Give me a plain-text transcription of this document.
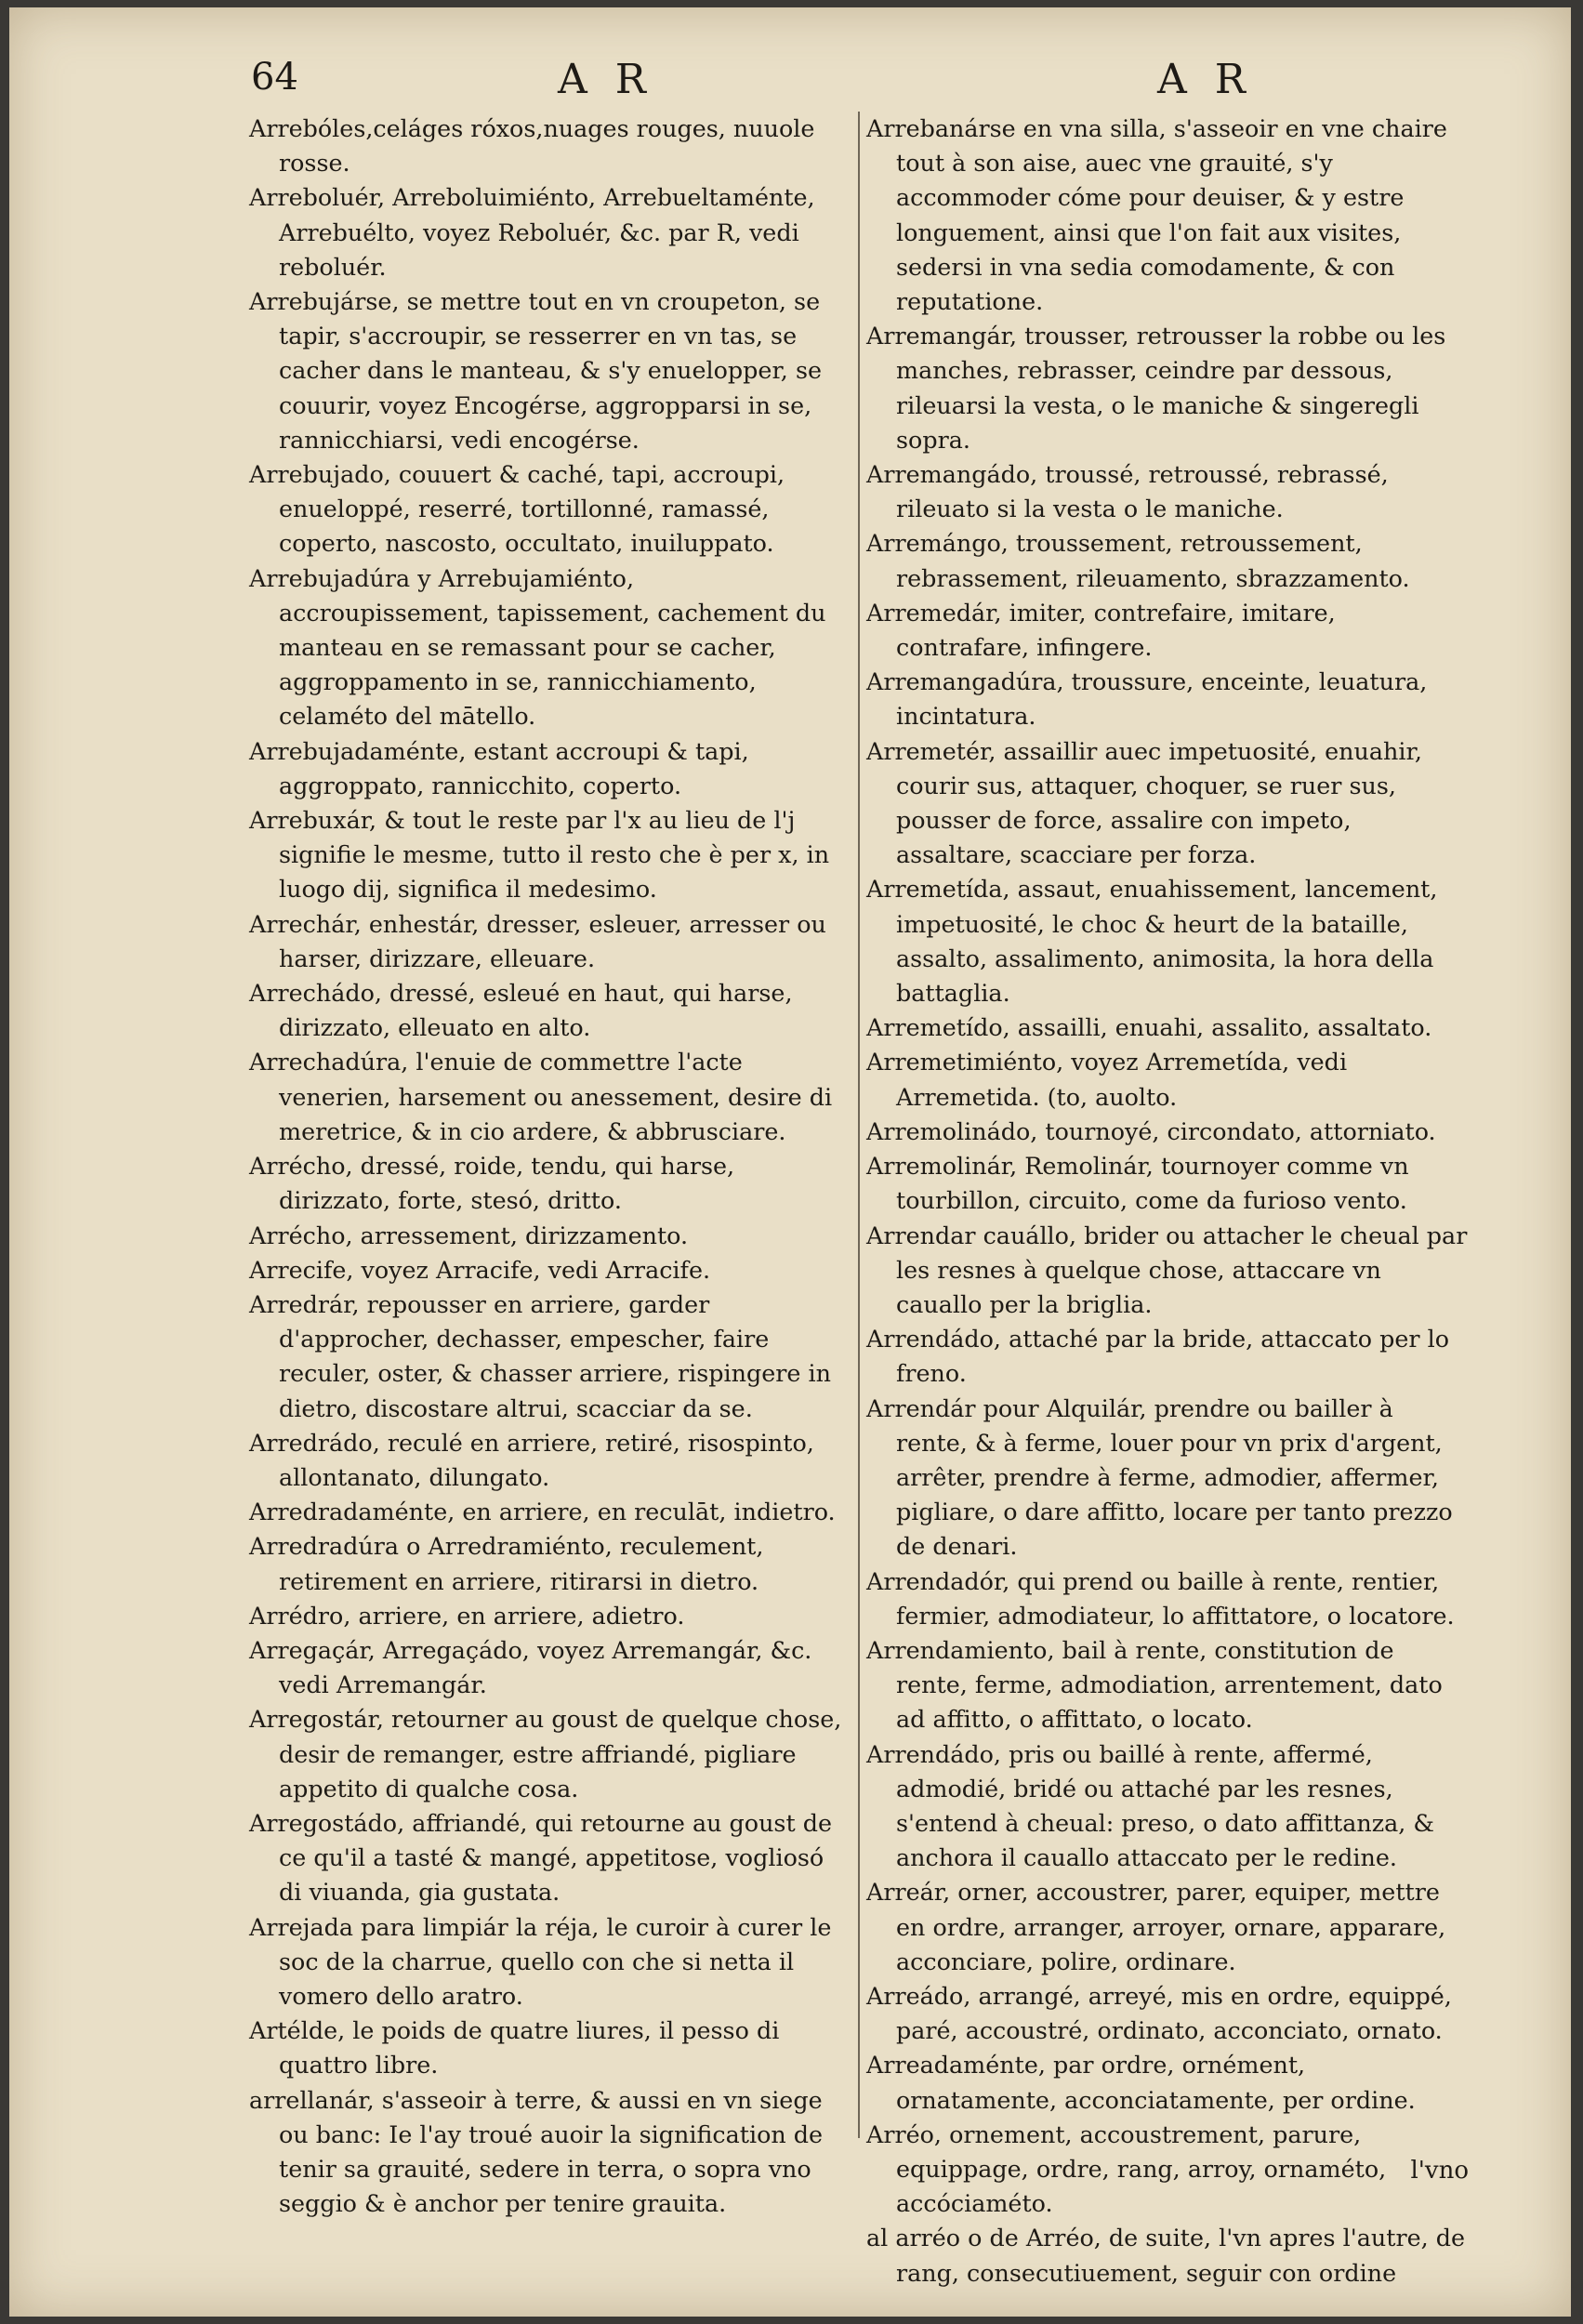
64	A R	A R
Arrebóles,celáges róxos,nuages rouges, nuuole rosse.
Arreboluér, Arreboluimiénto, Arrebueltaménte, Arrebuélto, voyez Reboluér, &c. par R, vedi reboluér.
Arrebujárse, se mettre tout en vn croupeton, se tapir, s'accroupir, se resserrer en vn tas, se cacher dans le manteau, & s'y enuelopper, se couurir, voyez Encogérse, aggropparsi in se, rannicchiarsi, vedi encogérse.
Arrebujado, couuert & caché, tapi, accroupi, enueloppé, reserré, tortillonné, ramassé, coperto, nascosto, occultato, inuiluppato.
Arrebujadúra y Arrebujamiénto, accroupissement, tapissement, cachement du manteau en se remassant pour se cacher, aggroppamento in se, rannicchiamento, celaméto del mātello.
Arrebujadaménte, estant accroupi & tapi, aggroppato, rannicchito, coperto.
Arrebuxár, & tout le reste par l'x au lieu de l'j signifie le mesme, tutto il resto che è per x, in luogo dij, significa il medesimo.
Arrechár, enhestár, dresser, esleuer, arresser ou harser, dirizzare, elleuare.
Arrechádo, dressé, esleué en haut, qui harse, dirizzato, elleuato en alto.
Arrechadúra, l'enuie de commettre l'acte venerien, harsement ou anessement, desire di meretrice, & in cio ardere, & abbrusciare.
Arrécho, dressé, roide, tendu, qui harse, dirizzato, forte, stesó, dritto.
Arrécho, arressement, dirizzamento.
Arrecife, voyez Arracife, vedi Arracife.
Arredrár, repousser en arriere, garder d'approcher, dechasser, empescher, faire reculer, oster, & chasser arriere, rispingere in dietro, discostare altrui, scacciar da se.
Arredrádo, reculé en arriere, retiré, risospinto, allontanato, dilungato.
Arredradaménte, en arriere, en reculāt, indietro.
Arredradúra o Arredramiénto, reculement, retirement en arriere, ritirarsi in dietro.
Arrédro, arriere, en arriere, adietro.
Arregaçár, Arregaçádo, voyez Arremangár, &c. vedi Arremangár.
Arregostár, retourner au goust de quelque chose, desir de remanger, estre affriandé, pigliare appetito di qualche cosa.
Arregostádo, affriandé, qui retourne au goust de ce qu'il a tasté & mangé, appetitose, vogliosó di viuanda, gia gustata.
Arrejada para limpiár la réja, le curoir à curer le soc de la charrue, quello con che si netta il vomero dello aratro.
Artélde, le poids de quatre liures, il pesso di quattro libre.
arrellanár, s'asseoir à terre, & aussi en vn siege ou banc: Ie l'ay troué auoir la signification de tenir sa grauité, sedere in terra, o sopra vno seggio & è anchor per tenire grauita.
Arrebanárse en vna silla, s'asseoir en vne chaire tout à son aise, auec vne grauité, s'y accommoder cóme pour deuiser, & y estre longuement, ainsi que l'on fait aux visites, sedersi in vna sedia comodamente, & con reputatione.
Arremangár, trousser, retrousser la robbe ou les manches, rebrasser, ceindre par dessous, rileuarsi la vesta, o le maniche & singeregli sopra.
Arremangádo, troussé, retroussé, rebrassé, rileuato si la vesta o le maniche.
Arremángo, troussement, retroussement, rebrassement, rileuamento, sbrazzamento.
Arremedár, imiter, contrefaire, imitare, contrafare, infingere.
Arremangadúra, troussure, enceinte, leuatura, incintatura.
Arremetér, assaillir auec impetuosité, enuahir, courir sus, attaquer, choquer, se ruer sus, pousser de force, assalire con impeto, assaltare, scacciare per forza.
Arremetída, assaut, enuahissement, lancement, impetuosité, le choc & heurt de la bataille, assalto, assalimento, animosita, la hora della battaglia.
Arremetído, assailli, enuahi, assalito, assaltato.
Arremetimiénto, voyez Arremetída, vedi Arremetida. (to, auolto.
Arremolinádo, tournoyé, circondato, attorniato.
Arremolinár, Remolinár, tournoyer comme vn tourbillon, circuito, come da furioso vento.
Arrendar cauállo, brider ou attacher le cheual par les resnes à quelque chose, attaccare vn cauallo per la briglia.
Arrendádo, attaché par la bride, attaccato per lo freno.
Arrendár pour Alquilár, prendre ou bailler à rente, & à ferme, louer pour vn prix d'argent, arrêter, prendre à ferme, admodier, affermer, pigliare, o dare affitto, locare per tanto prezzo de denari.
Arrendadór, qui prend ou baille à rente, rentier, fermier, admodiateur, lo affittatore, o locatore.
Arrendamiento, bail à rente, constitution de rente, ferme, admodiation, arrentement, dato ad affitto, o affittato, o locato.
Arrendádo, pris ou baillé à rente, affermé, admodié, bridé ou attaché par les resnes, s'entend à cheual: preso, o dato affittanza, & anchora il cauallo attaccato per le redine.
Arreár, orner, accoustrer, parer, equiper, mettre en ordre, arranger, arroyer, ornare, apparare, acconciare, polire, ordinare.
Arreádo, arrangé, arreyé, mis en ordre, equippé, paré, accoustré, ordinato, acconciato, ornato.
Arreadaménte, par ordre, ornément, ornatamente, acconciatamente, per ordine.
Arréo, ornement, accoustrement, parure, equippage, ordre, rang, arroy, ornaméto, accóciaméto.
al arréo o de Arréo, de suite, l'vn apres l'autre, de rang, consecutiuement, seguir con ordine
l'vno
